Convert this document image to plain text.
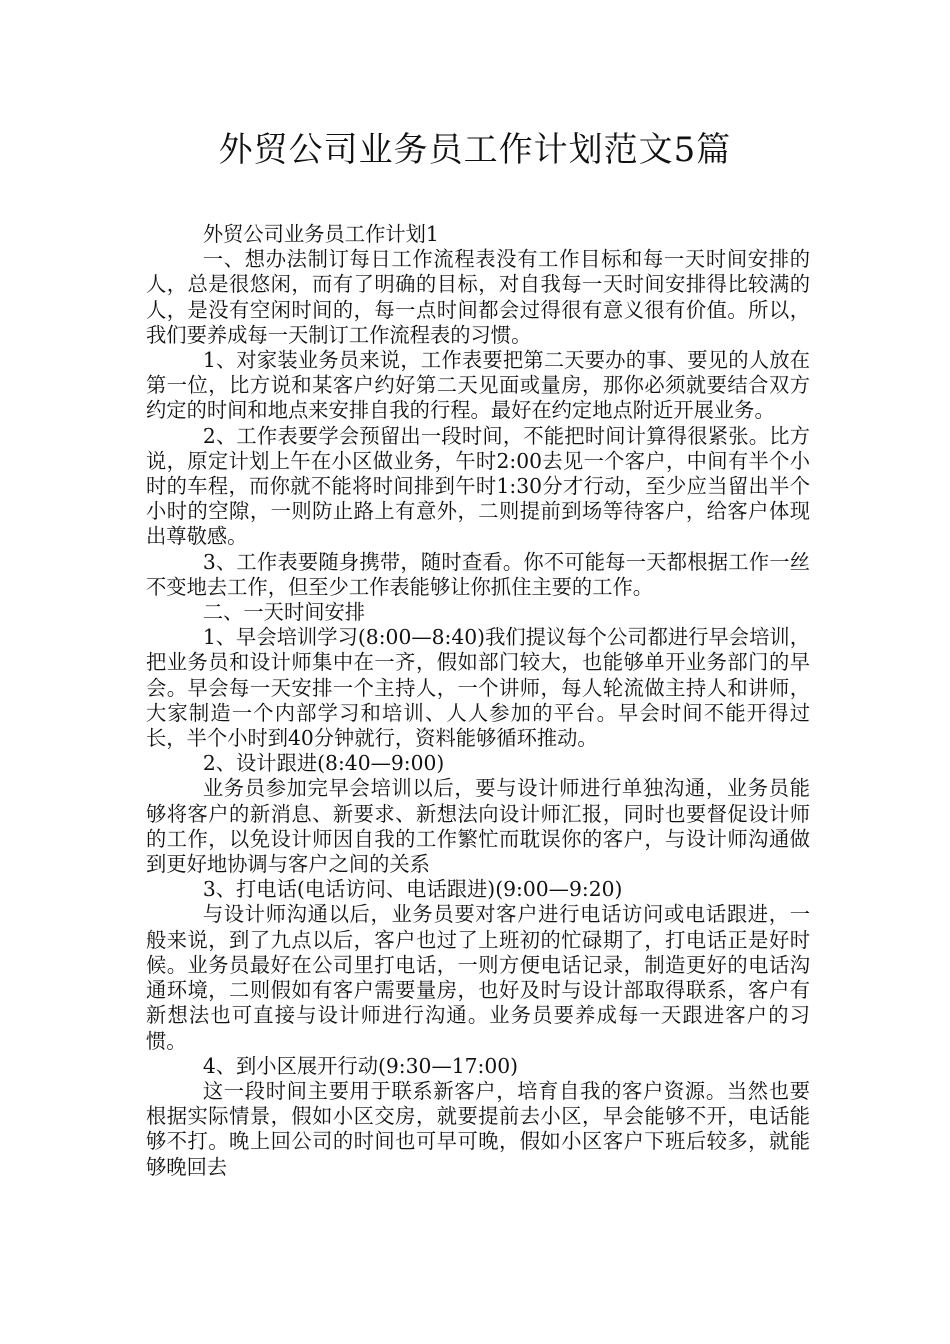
外贸公司业务员工作计划范文5篇

外贸公司业务员工作计划1

一、想办法制订每日工作流程表没有工作目标和每一天时间安排的人，总是很悠闲，而有了明确的目标，对自我每一天时间安排得比较满的人，是没有空闲时间的，每一点时间都会过得很有意义很有价值。所以，我们要养成每一天制订工作流程表的习惯。

1、对家装业务员来说，工作表要把第二天要办的事、要见的人放在第一位，比方说和某客户约好第二天见面或量房，那你必须就要结合双方约定的时间和地点来安排自我的行程。最好在约定地点附近开展业务。

2、工作表要学会预留出一段时间，不能把时间计算得很紧张。比方说，原定计划上午在小区做业务，午时2:00去见一个客户，中间有半个小时的车程，而你就不能将时间排到午时1:30分才行动，至少应当留出半个小时的空隙，一则防止路上有意外，二则提前到场等待客户，给客户体现出尊敬感。

3、工作表要随身携带，随时查看。你不可能每一天都根据工作一丝不变地去工作，但至少工作表能够让你抓住主要的工作。

二、一天时间安排

1、早会培训学习(8:00—8:40)我们提议每个公司都进行早会培训，把业务员和设计师集中在一齐，假如部门较大，也能够单开业务部门的早会。早会每一天安排一个主持人，一个讲师，每人轮流做主持人和讲师，大家制造一个内部学习和培训、人人参加的平台。早会时间不能开得过长，半个小时到40分钟就行，资料能够循环推动。

2、设计跟进(8:40—9:00)

业务员参加完早会培训以后，要与设计师进行单独沟通，业务员能够将客户的新消息、新要求、新想法向设计师汇报，同时也要督促设计师的工作，以免设计师因自我的工作繁忙而耽误你的客户，与设计师沟通做到更好地协调与客户之间的关系

3、打电话(电话访问、电话跟进)(9:00—9:20)

与设计师沟通以后，业务员要对客户进行电话访问或电话跟进，一般来说，到了九点以后，客户也过了上班初的忙碌期了，打电话正是好时候。业务员最好在公司里打电话，一则方便电话记录，制造更好的电话沟通环境，二则假如有客户需要量房，也好及时与设计部取得联系，客户有新想法也可直接与设计师进行沟通。业务员要养成每一天跟进客户的习惯。

4、到小区展开行动(9:30—17:00)

这一段时间主要用于联系新客户，培育自我的客户资源。当然也要根据实际情景，假如小区交房，就要提前去小区，早会能够不开，电话能够不打。晚上回公司的时间也可早可晚，假如小区客户下班后较多，就能够晚回去
